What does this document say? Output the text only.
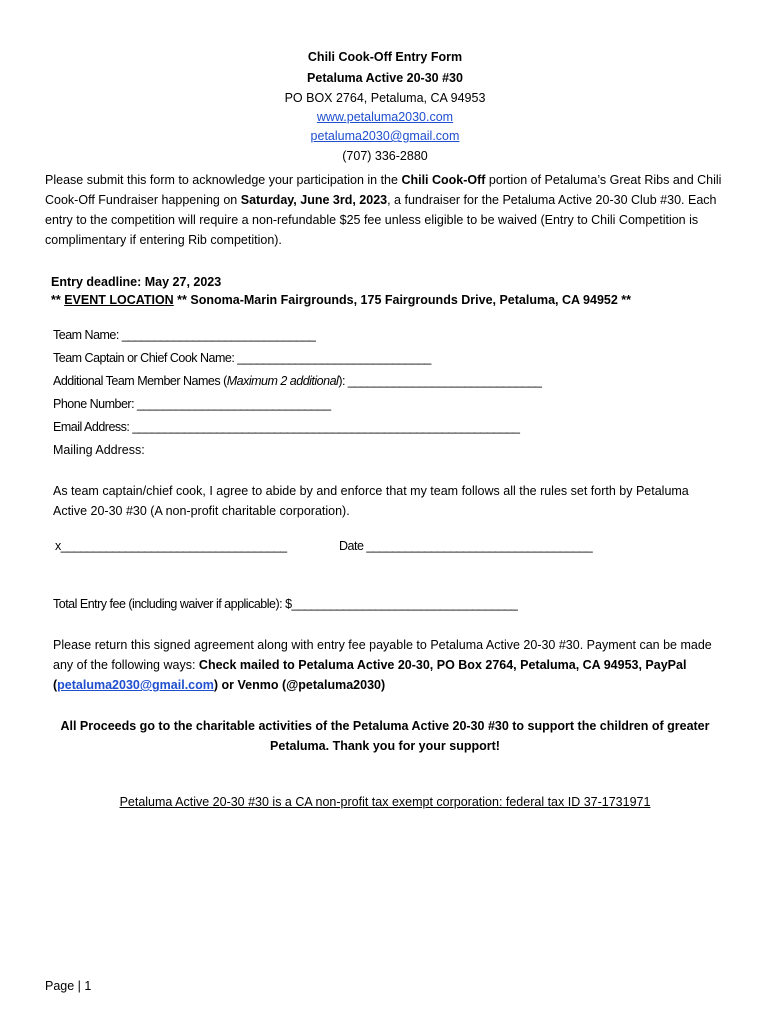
Chili Cook-Off Entry Form
Petaluma Active 20-30 #30
PO BOX 2764, Petaluma, CA 94953
www.petaluma2030.com
petaluma2030@gmail.com
(707) 336-2880
Please submit this form to acknowledge your participation in the Chili Cook-Off portion of Petaluma’s Great Ribs and Chili Cook-Off Fundraiser happening on Saturday, June 3rd, 2023, a fundraiser for the Petaluma Active 20-30 Club #30. Each entry to the competition will require a non-refundable $25 fee unless eligible to be waived (Entry to Chili Competition is complimentary if entering Rib competition).
Entry deadline: May 27, 2023
** EVENT LOCATION ** Sonoma-Marin Fairgrounds, 175 Fairgrounds Drive, Petaluma, CA 94952 **
Team Name: ______________________________
Team Captain or Chief Cook Name: ______________________________
Additional Team Member Names (Maximum 2 additional): ______________________________
Phone Number: ______________________________
Email Address: ____________________________________________________________
Mailing Address:
As team captain/chief cook, I agree to abide by and enforce that my team follows all the rules set forth by Petaluma Active 20-30 #30 (A non-profit charitable corporation).
x___________________________________	Date ___________________________________
Total Entry fee (including waiver if applicable): $___________________________________
Please return this signed agreement along with entry fee payable to Petaluma Active 20-30 #30. Payment can be made any of the following ways: Check mailed to Petaluma Active 20-30, PO Box 2764, Petaluma, CA 94953, PayPal (petaluma2030@gmail.com) or Venmo (@petaluma2030)
All Proceeds go to the charitable activities of the Petaluma Active 20-30 #30 to support the children of greater Petaluma. Thank you for your support!
Petaluma Active 20-30 #30 is a CA non-profit tax exempt corporation: federal tax ID 37-1731971
Page | 1
